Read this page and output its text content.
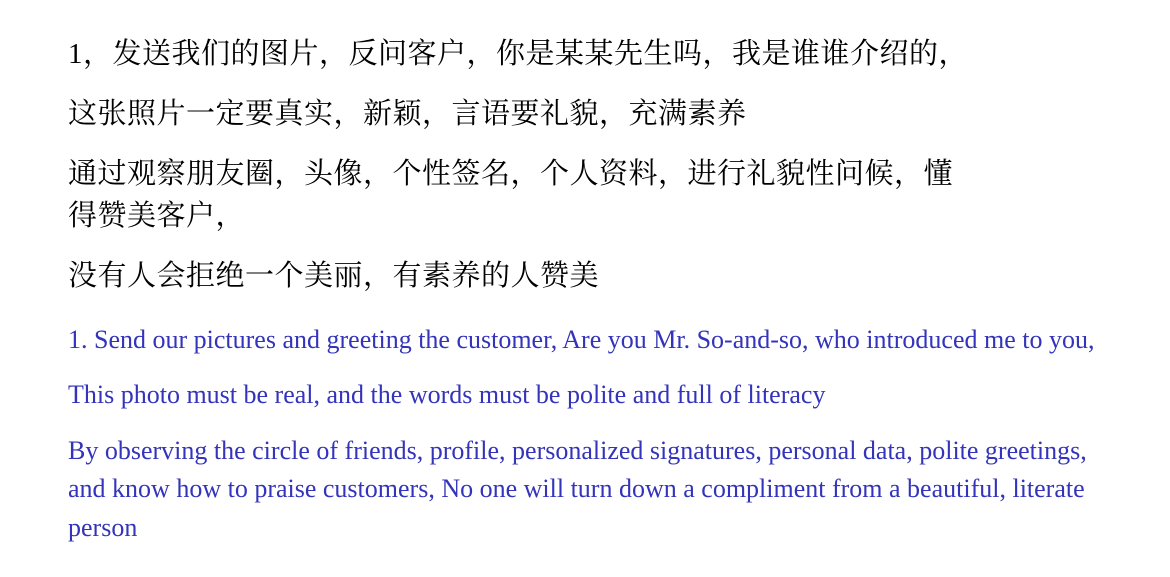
1，发送我们的图片，反问客户，你是某某先生吗，我是谁谁介绍的，

这张照片一定要真实，新颖，言语要礼貌，充满素养

通过观察朋友圈，头像，个性签名，个人资料，进行礼貌性问候，懂

得赞美客户，

没有人会拒绝一个美丽，有素养的人赞美

1. Send our pictures and greeting the customer, Are you Mr. So-and-so, who introduced me to you,

This photo must be real, and the words must be polite and full of literacy

By observing the circle of friends, profile, personalized signatures, personal data, polite greetings, and know how to praise customers, No one will turn down a compliment from a beautiful, literate person
